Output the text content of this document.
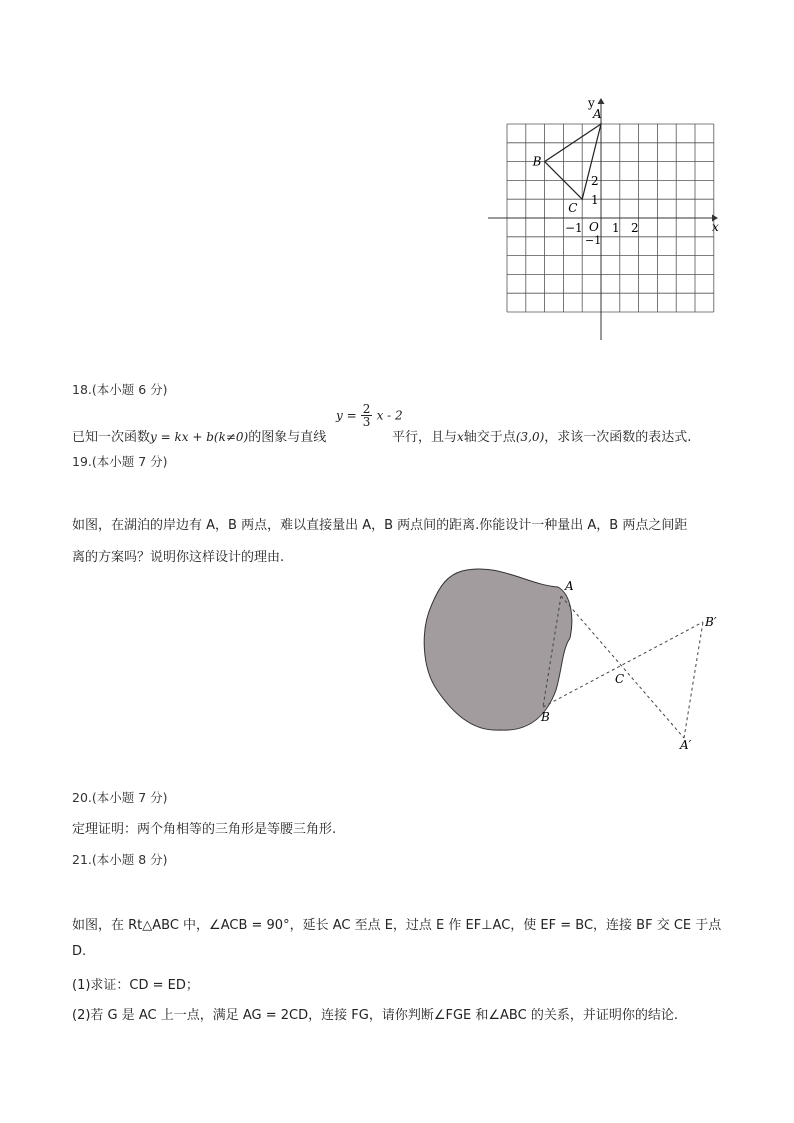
y
x
O
−1 1 2
1
2
−1
A
B
C
18.(本小题 6 分)
已知一次函数y = kx + b(k≠0)的图象与直线
$y = \frac{2}{3}$ x - 2
平行，且与x轴交于点(3,0)，求该一次函数的表达式.
19.(本小题 7 分)
如图，在湖泊的岸边有 A，B 两点，难以直接量出 A，B 两点间的距离.你能设计一种量出 A，B 两点之间距
离的方案吗？说明你这样设计的理由.
A
B
C
B′
A′
20.(本小题 7 分)
定理证明：两个角相等的三角形是等腰三角形.
21.(本小题 8 分)
如图，在 Rt△ABC 中，∠ACB = 90°，延长 AC 至点 E，过点 E 作 EF⊥AC，使 EF = BC，连接 BF 交 CE 于点
D.
(1)求证：CD = ED；
(2)若 G 是 AC 上一点，满足 AG = 2CD，连接 FG，请你判断∠FGE 和∠ABC 的关系，并证明你的结论.
